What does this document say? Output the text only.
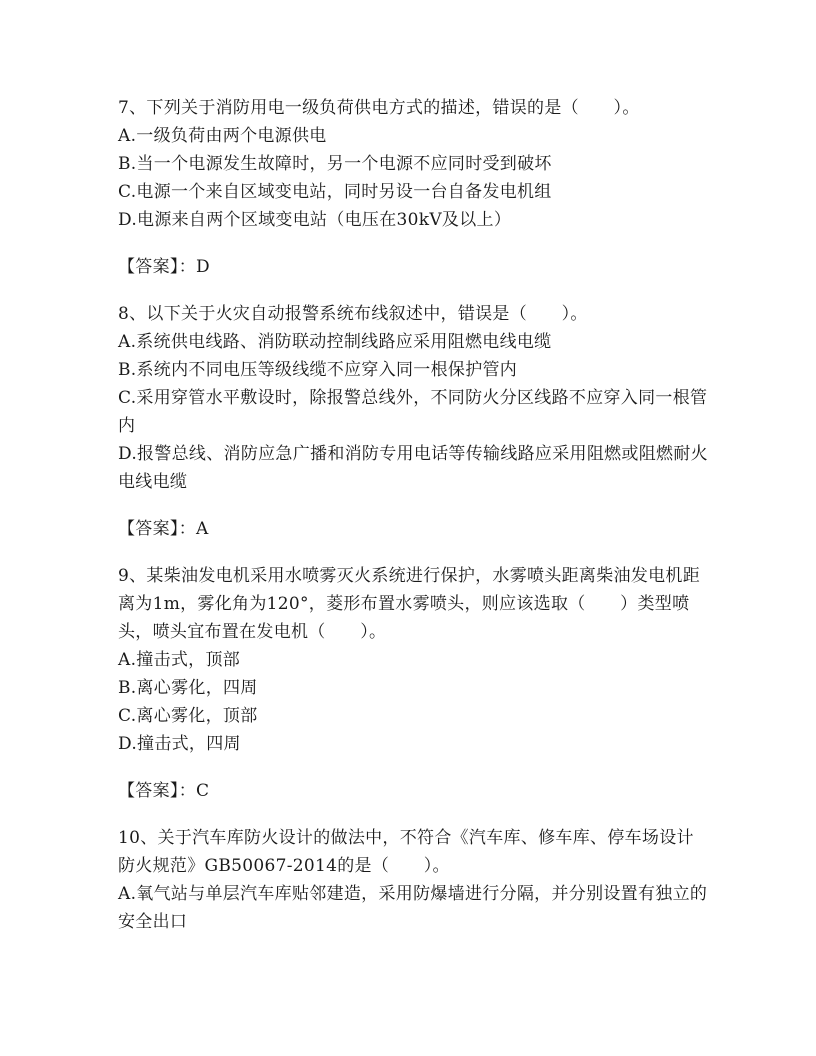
7、下列关于消防用电一级负荷供电方式的描述，错误的是（　　）。
A.一级负荷由两个电源供电
B.当一个电源发生故障时，另一个电源不应同时受到破坏
C.电源一个来自区域变电站，同时另设一台自备发电机组
D.电源来自两个区域变电站（电压在30kV及以上）
【答案】：D
8、以下关于火灾自动报警系统布线叙述中，错误是（　　）。
A.系统供电线路、消防联动控制线路应采用阻燃电线电缆
B.系统内不同电压等级线缆不应穿入同一根保护管内
C.采用穿管水平敷设时，除报警总线外，不同防火分区线路不应穿入同一根管内
D.报警总线、消防应急广播和消防专用电话等传输线路应采用阻燃或阻燃耐火电线电缆
【答案】：A
9、某柴油发电机采用水喷雾灭火系统进行保护，水雾喷头距离柴油发电机距离为1m，雾化角为120°，菱形布置水雾喷头，则应该选取（　　）类型喷头，喷头宜布置在发电机（　　）。
A.撞击式，顶部
B.离心雾化，四周
C.离心雾化，顶部
D.撞击式，四周
【答案】：C
10、关于汽车库防火设计的做法中，不符合《汽车库、修车库、停车场设计防火规范》GB50067-2014的是（　　）。
A.氧气站与单层汽车库贴邻建造，采用防爆墙进行分隔，并分别设置有独立的安全出口
